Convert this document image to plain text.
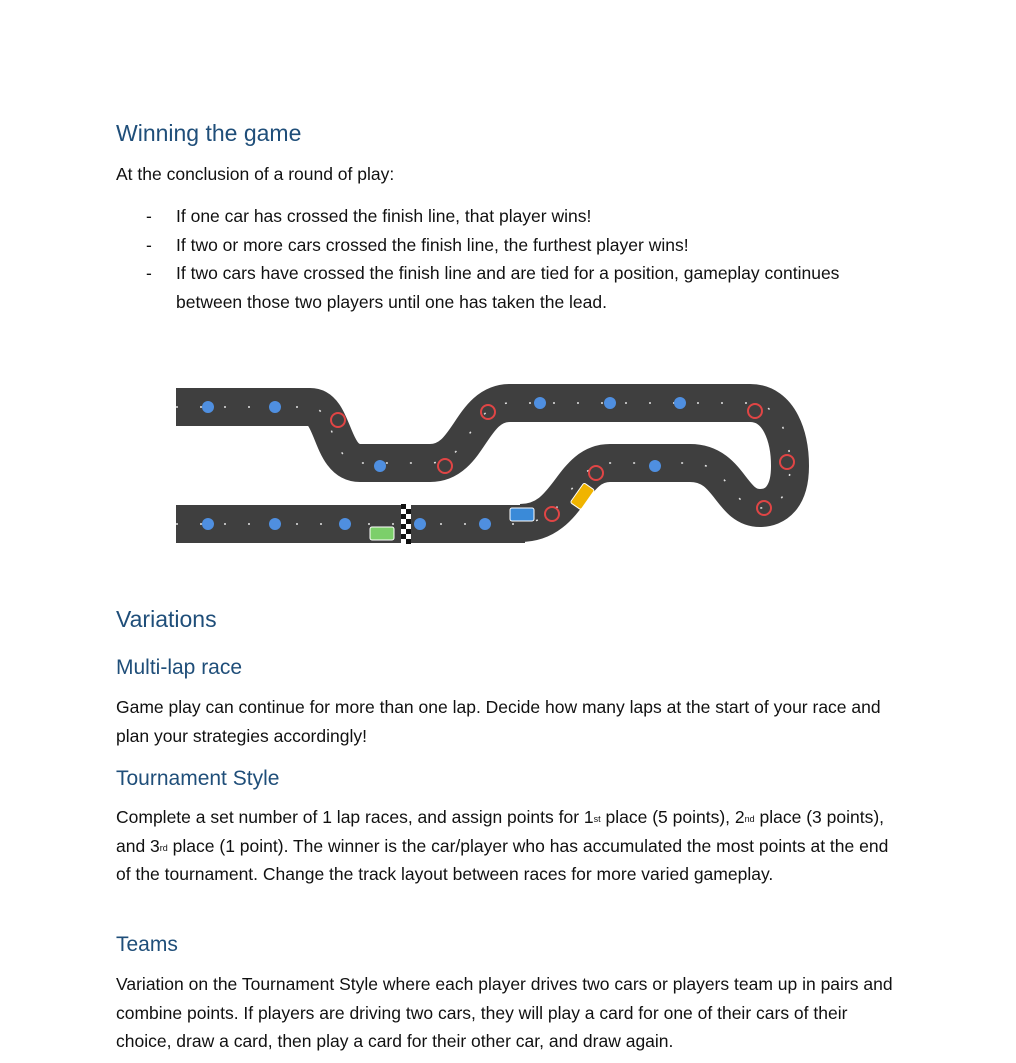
Winning the game

At the conclusion of a round of play:

- If one car has crossed the finish line, that player wins!
- If two or more cars crossed the finish line, the furthest player wins!
- If two cars have crossed the finish line and are tied for a position, gameplay continues between those two players until one has taken the lead.
Variations
Multi-lap race

Game play can continue for more than one lap. Decide how many laps at the start of your race and plan your strategies accordingly!

Tournament Style

Complete a set number of 1 lap races, and assign points for 1st place (5 points), 2nd place (3 points), and 3rd place (1 point). The winner is the car/player who has accumulated the most points at the end of the tournament. Change the track layout between races for more varied gameplay.

Teams

Variation on the Tournament Style where each player drives two cars or players team up in pairs and combine points. If players are driving two cars, they will play a card for one of their cars of their choice, draw a card, then play a card for their other car, and draw again.
